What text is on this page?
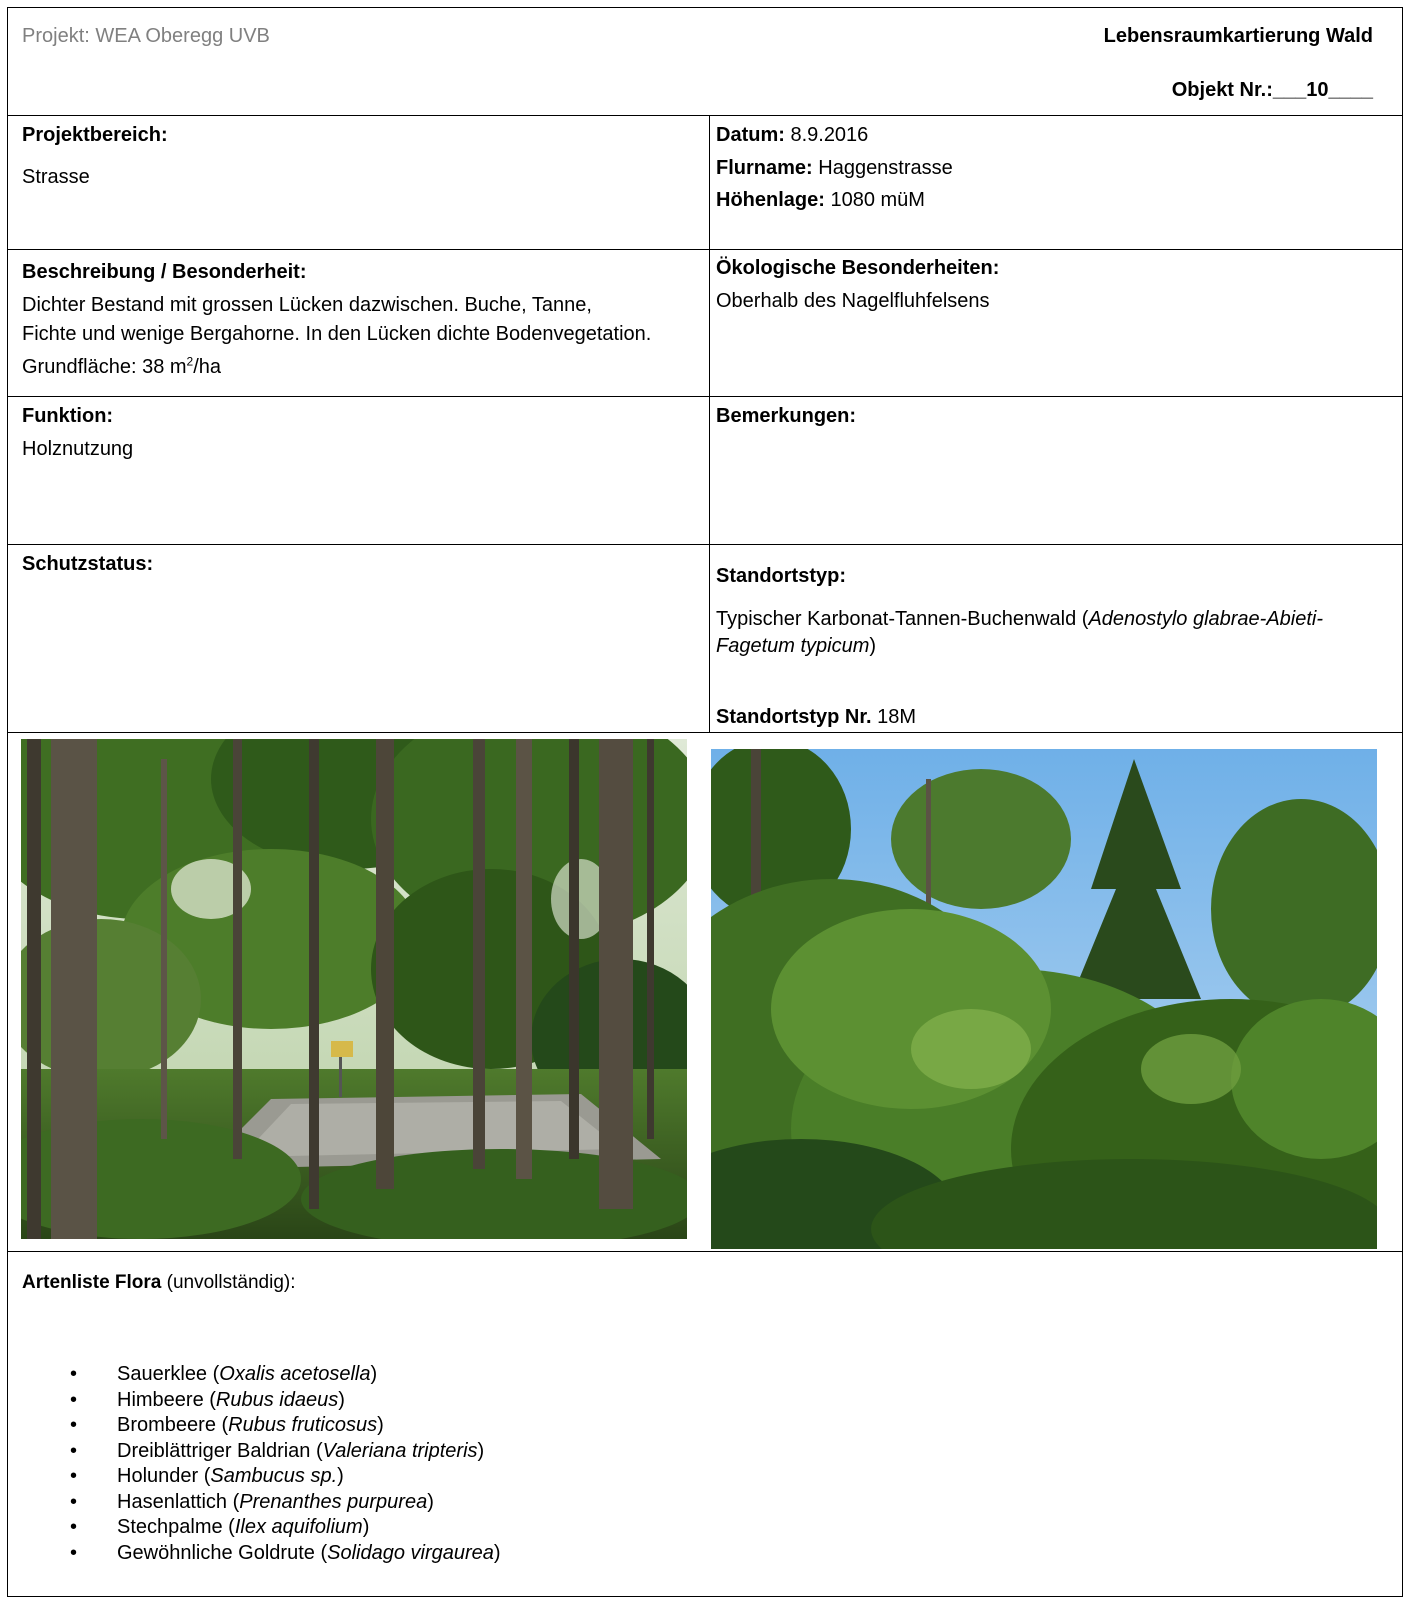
Projekt: WEA Oberegg UVB	Lebensraumkartierung Wald
Objekt Nr.:___10____
Projektbereich:
Strasse
Datum: 8.9.2016
Flurname: Haggenstrasse
Höhenlage: 1080 müM
Beschreibung / Besonderheit:
Dichter Bestand mit grossen Lücken dazwischen. Buche, Tanne,
Fichte und wenige Bergahorne. In den Lücken dichte Bodenvegetation.
Grundfläche: 38 $m^2/ha$
Ökologische Besonderheiten:
Oberhalb des Nagelfluhfelsens
Funktion:
Holznutzung
Bemerkungen:
Schutzstatus:
Standortstyp:
Typischer Karbonat-Tannen-Buchenwald (Adenostylo glabrae-Abieti-
Fagetum typicum)
Standortstyp Nr. 18M
Artenliste Flora (unvollständig):
• Sauerklee (Oxalis acetosella)
• Himbeere (Rubus idaeus)
• Brombeere (Rubus fruticosus)
• Dreiblättriger Baldrian (Valeriana tripteris)
• Holunder (Sambucus sp.)
• Hasenlattich (Prenanthes purpurea)
• Stechpalme (Ilex aquifolium)
• Gewöhnliche Goldrute (Solidago virgaurea)
